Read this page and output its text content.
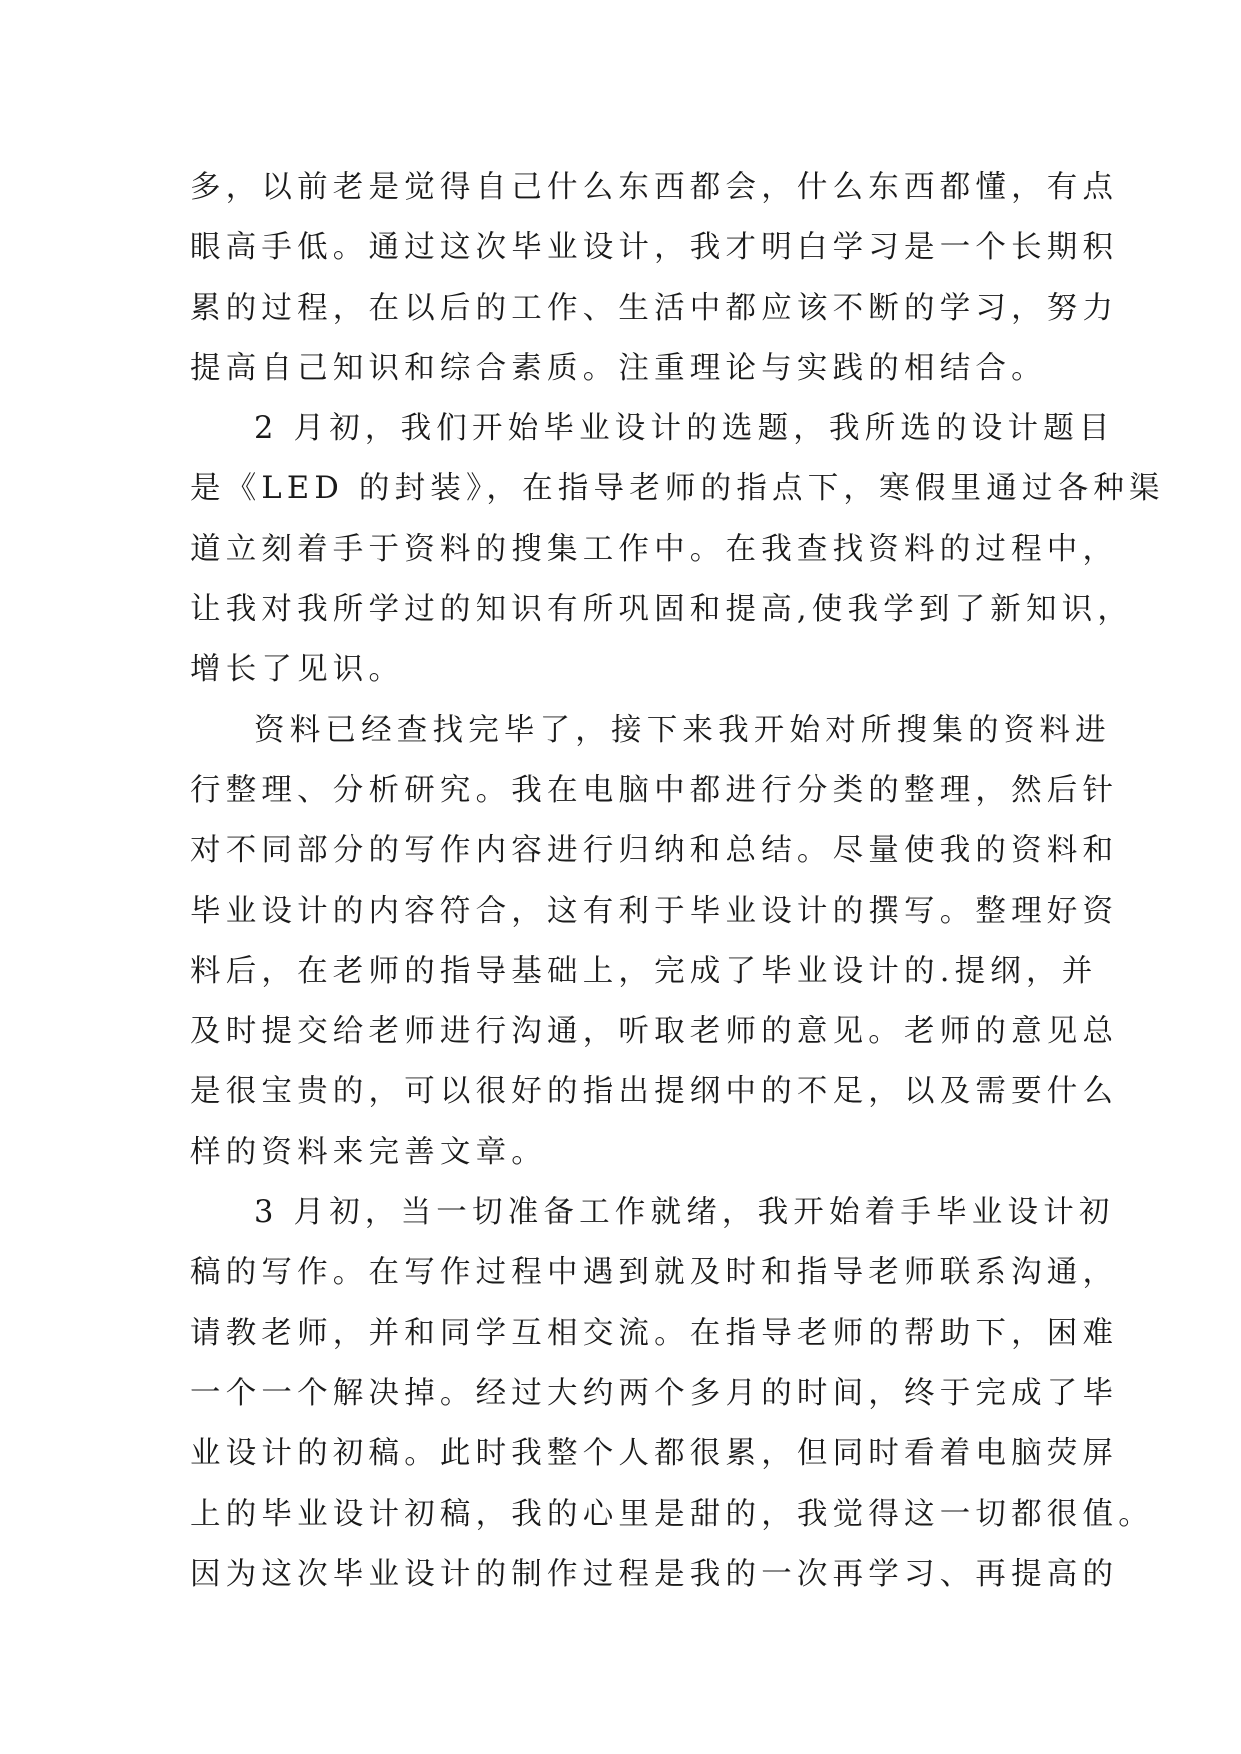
多，以前老是觉得自己什么东西都会，什么东西都懂，有点
眼高手低。通过这次毕业设计，我才明白学习是一个长期积
累的过程，在以后的工作、生活中都应该不断的学习，努力
提高自己知识和综合素质。注重理论与实践的相结合。
2 月初，我们开始毕业设计的选题，我所选的设计题目
是《LED 的封装》，在指导老师的指点下，寒假里通过各种渠
道立刻着手于资料的搜集工作中。在我查找资料的过程中，
让我对我所学过的知识有所巩固和提高,使我学到了新知识，
增长了见识。
资料已经查找完毕了，接下来我开始对所搜集的资料进
行整理、分析研究。我在电脑中都进行分类的整理，然后针
对不同部分的写作内容进行归纳和总结。尽量使我的资料和
毕业设计的内容符合，这有利于毕业设计的撰写。整理好资
料后，在老师的指导基础上，完成了毕业设计的.提纲，并
及时提交给老师进行沟通，听取老师的意见。老师的意见总
是很宝贵的，可以很好的指出提纲中的不足，以及需要什么
样的资料来完善文章。
3 月初，当一切准备工作就绪，我开始着手毕业设计初
稿的写作。在写作过程中遇到就及时和指导老师联系沟通，
请教老师，并和同学互相交流。在指导老师的帮助下，困难
一个一个解决掉。经过大约两个多月的时间，终于完成了毕
业设计的初稿。此时我整个人都很累，但同时看着电脑荧屏
上的毕业设计初稿，我的心里是甜的，我觉得这一切都很值。
因为这次毕业设计的制作过程是我的一次再学习、再提高的
